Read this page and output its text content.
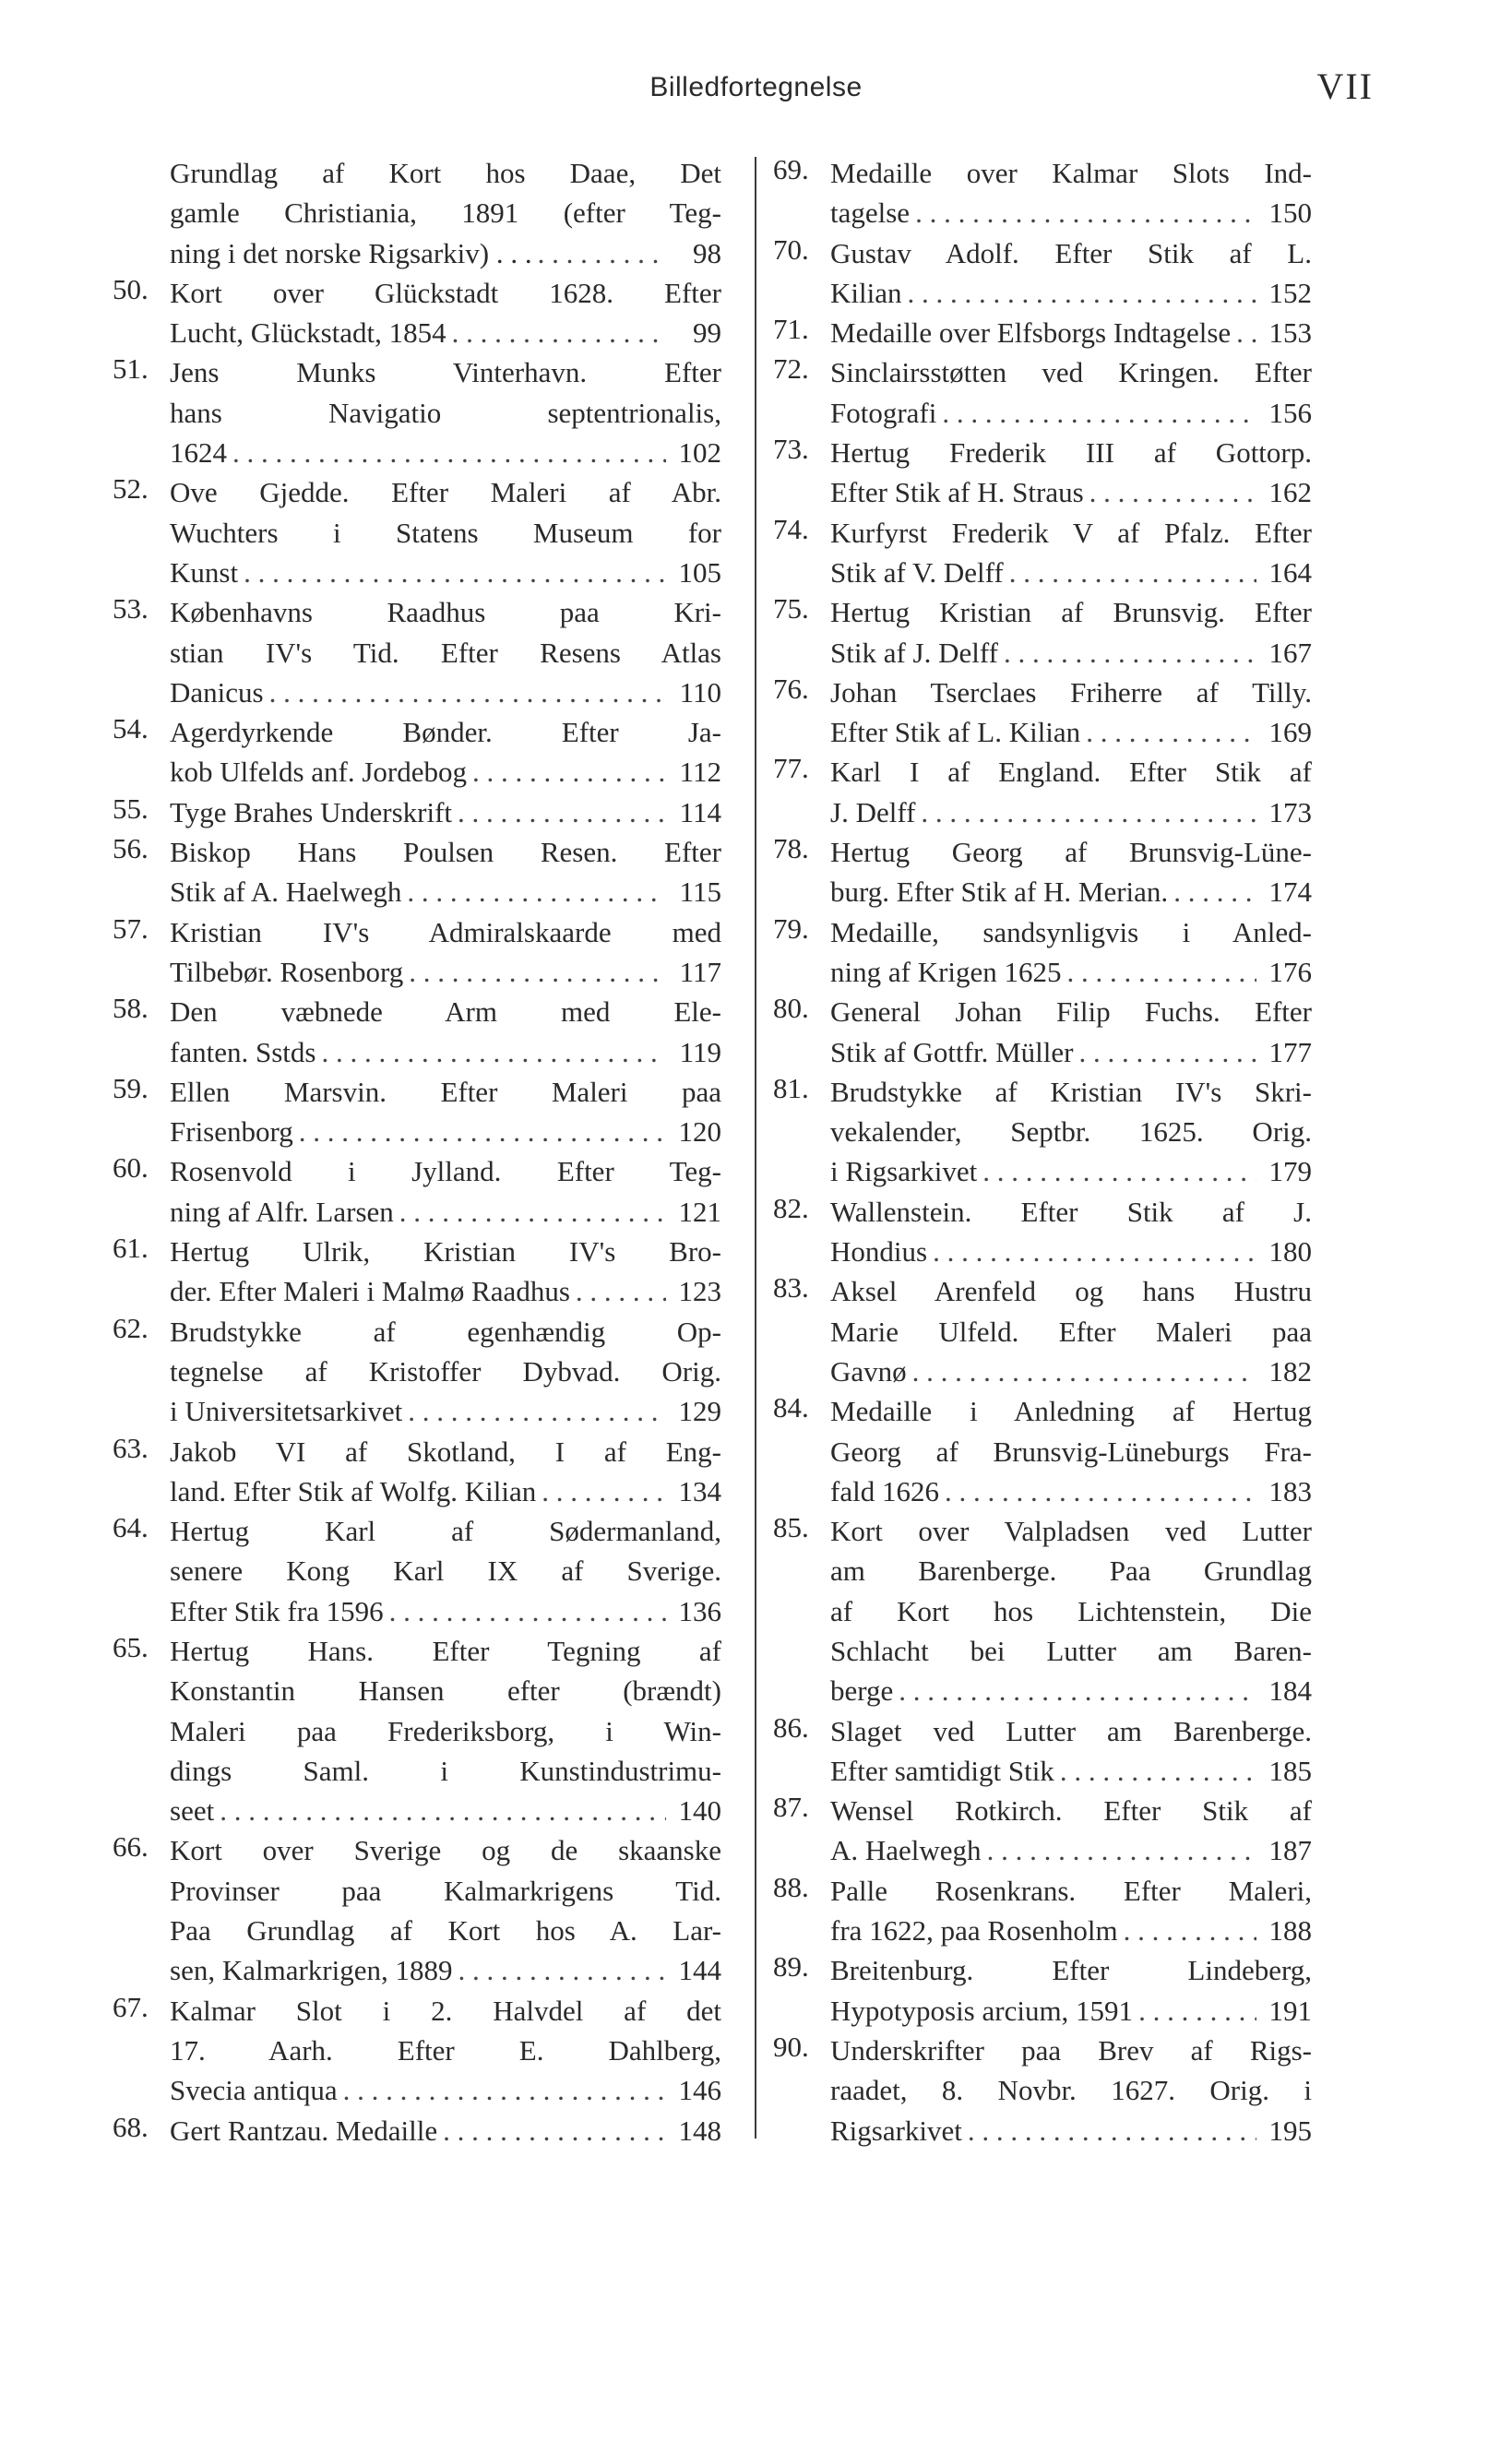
Billedfortegnelse	VII
Grundlag af Kort hos Daae, Det
gamle Christiania, 1891 (efter Teg-
ning i det norske Rigsarkiv) . . . . . .	98
50. Kort over Glückstadt 1628. Efter
Lucht, Glückstadt, 1854 . . .	99
51. Jens Munks Vinterhavn. Efter
hans Navigatio septentrionalis,
1624 . . .	102
52. Ove Gjedde. Efter Maleri af Abr.
Wuchters i Statens Museum for
Kunst . . .	105
53. Københavns Raadhus paa Kri-
stian IV's Tid. Efter Resens Atlas
Danicus . . .	110
54. Agerdyrkende Bønder. Efter Ja-
kob Ulfelds anf. Jordebog . . .	112
55. Tyge Brahes Underskrift . . .	114
56. Biskop Hans Poulsen Resen. Efter
Stik af A. Haelwegh . . .	115
57. Kristian IV's Admiralskaarde med
Tilbebør. Rosenborg . . .	117
58. Den væbnede Arm med Ele-
fanten. Sstds . . .	119
59. Ellen Marsvin. Efter Maleri paa
Frisenborg . . .	120
60. Rosenvold i Jylland. Efter Teg-
ning af Alfr. Larsen . . .	121
61. Hertug Ulrik, Kristian IV's Bro-
der. Efter Maleri i Malmø Raadhus . . .	123
62. Brudstykke af egenhændig Op-
tegnelse af Kristoffer Dybvad. Orig.
i Universitetsarkivet . . .	129
63. Jakob VI af Skotland, I af Eng-
land. Efter Stik af Wolfg. Kilian . . .	134
64. Hertug Karl af Sødermanland,
senere Kong Karl IX af Sverige.
Efter Stik fra 1596 . . .	136
65. Hertug Hans. Efter Tegning af
Konstantin Hansen efter (brændt)
Maleri paa Frederiksborg, i Win-
dings Saml. i Kunstindustrimu-
seet . . .	140
66. Kort over Sverige og de skaanske
Provinser paa Kalmarkrigens Tid.
Paa Grundlag af Kort hos A. Lar-
sen, Kalmarkrigen, 1889 . . .	144
67. Kalmar Slot i 2. Halvdel af det
17. Aarh. Efter E. Dahlberg,
Svecia antiqua . . .	146
68. Gert Rantzau. Medaille . . .	148
69. Medaille over Kalmar Slots Ind-
tagelse . . .	150
70. Gustav Adolf. Efter Stik af L.
Kilian . . .	152
71. Medaille over Elfsborgs Indtagelse . . . 153
72. Sinclairsstøtten ved Kringen. Efter
Fotografi . . .	156
73. Hertug Frederik III af Gottorp.
Efter Stik af H. Straus . . .	162
74. Kurfyrst Frederik V af Pfalz. Efter
Stik af V. Delff . . .	164
75. Hertug Kristian af Brunsvig. Efter
Stik af J. Delff . . .	167
76. Johan Tserclaes Friherre af Tilly.
Efter Stik af L. Kilian . . .	169
77. Karl I af England. Efter Stik af
J. Delff . . .	173
78. Hertug Georg af Brunsvig-Lüne-
burg. Efter Stik af H. Merian. . . .	174
79. Medaille, sandsynligvis i Anled-
ning af Krigen 1625 . . .	176
80. General Johan Filip Fuchs. Efter
Stik af Gottfr. Müller . . .	177
81. Brudstykke af Kristian IV's Skri-
vekalender, Septbr. 1625. Orig.
i Rigsarkivet . . .	179
82. Wallenstein. Efter Stik af J.
Hondius . . .	180
83. Aksel Arenfeld og hans Hustru
Marie Ulfeld. Efter Maleri paa
Gavnø . . .	182
84. Medaille i Anledning af Hertug
Georg af Brunsvig-Lüneburgs Fra-
fald 1626 . . .	183
85. Kort over Valpladsen ved Lutter
am Barenberge. Paa Grundlag
af Kort hos Lichtenstein, Die
Schlacht bei Lutter am Baren-
berge . . .	184
86. Slaget ved Lutter am Barenberge.
Efter samtidigt Stik . . .	185
87. Wensel Rotkirch. Efter Stik af
A. Haelwegh . . .	187
88. Palle Rosenkrans. Efter Maleri,
fra 1622, paa Rosenholm . . .	188
89. Breitenburg. Efter Lindeberg,
Hypotyposis arcium, 1591 . . .	191
90. Underskrifter paa Brev af Rigs-
raadet, 8. Novbr. 1627. Orig. i
Rigsarkivet . . .	195
